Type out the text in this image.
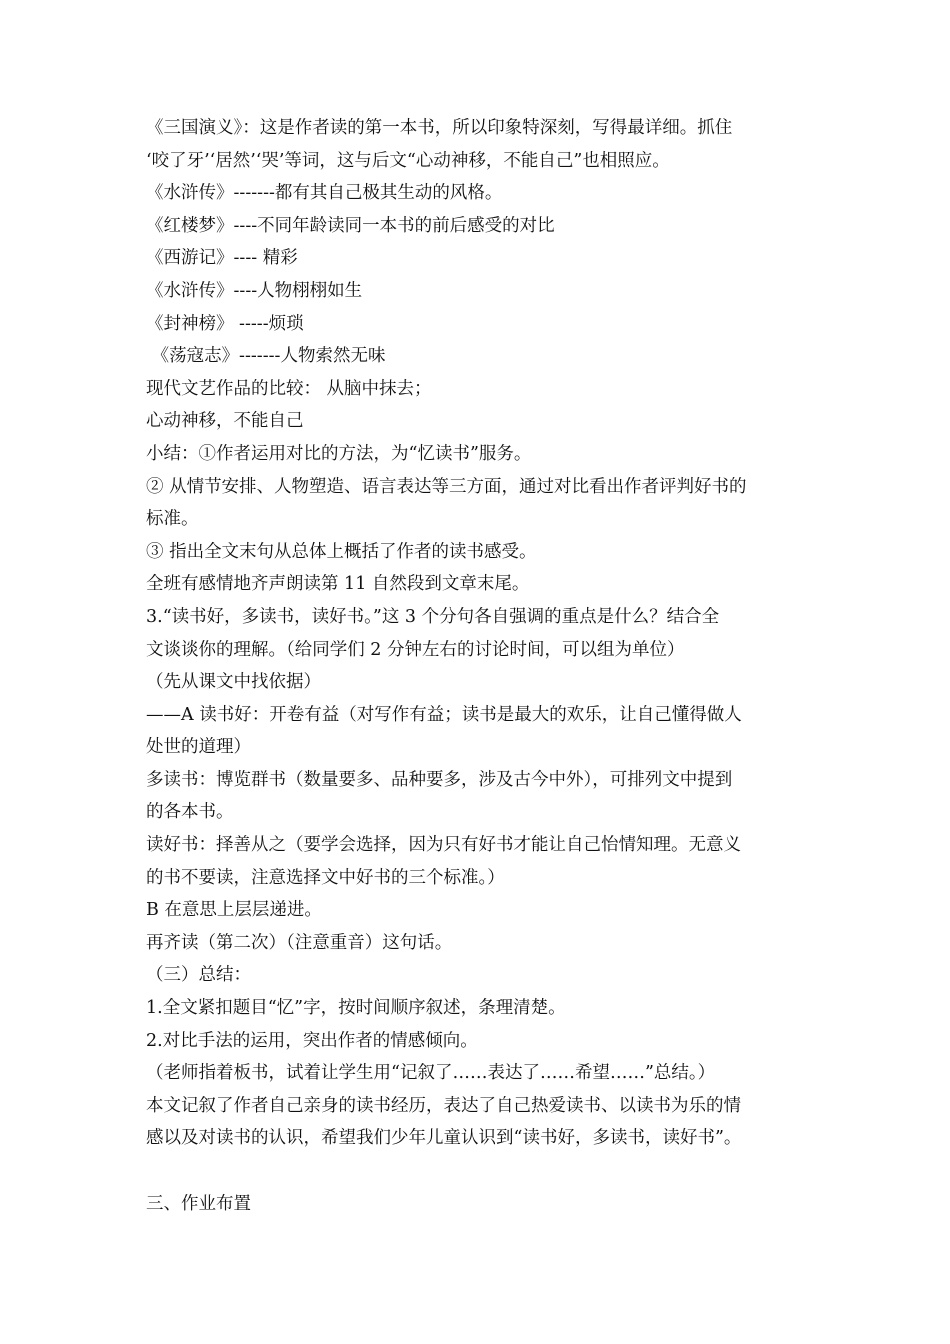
《三国演义》：这是作者读的第一本书，所以印象特深刻，写得最详细。抓住
‘咬了牙’‘居然’‘哭’等词，这与后文“心动神移，不能自己”也相照应。
《水浒传》-------都有其自己极其生动的风格。
《红楼梦》----不同年龄读同一本书的前后感受的对比
《西游记》---- 精彩
《水浒传》----人物栩栩如生
《封神榜》 -----烦琐
《荡寇志》-------人物索然无味
现代文艺作品的比较： 从脑中抹去；
心动神移，不能自己
小结：①作者运用对比的方法，为“忆读书”服务。
② 从情节安排、人物塑造、语言表达等三方面，通过对比看出作者评判好书的
标准。
③ 指出全文末句从总体上概括了作者的读书感受。
全班有感情地齐声朗读第 11 自然段到文章末尾。
3.“读书好，多读书，读好书。”这 3 个分句各自强调的重点是什么？结合全
文谈谈你的理解。（给同学们 2 分钟左右的讨论时间，可以组为单位）
（先从课文中找依据）
——A 读书好：开卷有益（对写作有益；读书是最大的欢乐，让自己懂得做人
处世的道理）
多读书：博览群书（数量要多、品种要多，涉及古今中外），可排列文中提到
的各本书。
读好书：择善从之（要学会选择，因为只有好书才能让自己怡情知理。无意义
的书不要读，注意选择文中好书的三个标准。）
B 在意思上层层递进。
再齐读（第二次）（注意重音）这句话。
（三）总结：
1.全文紧扣题目“忆”字，按时间顺序叙述，条理清楚。
2.对比手法的运用，突出作者的情感倾向。
（老师指着板书，试着让学生用“记叙了……表达了……希望……”总结。）
本文记叙了作者自己亲身的读书经历，表达了自己热爱读书、以读书为乐的情
感以及对读书的认识，希望我们少年儿童认识到“读书好，多读书，读好书”。
三、作业布置
